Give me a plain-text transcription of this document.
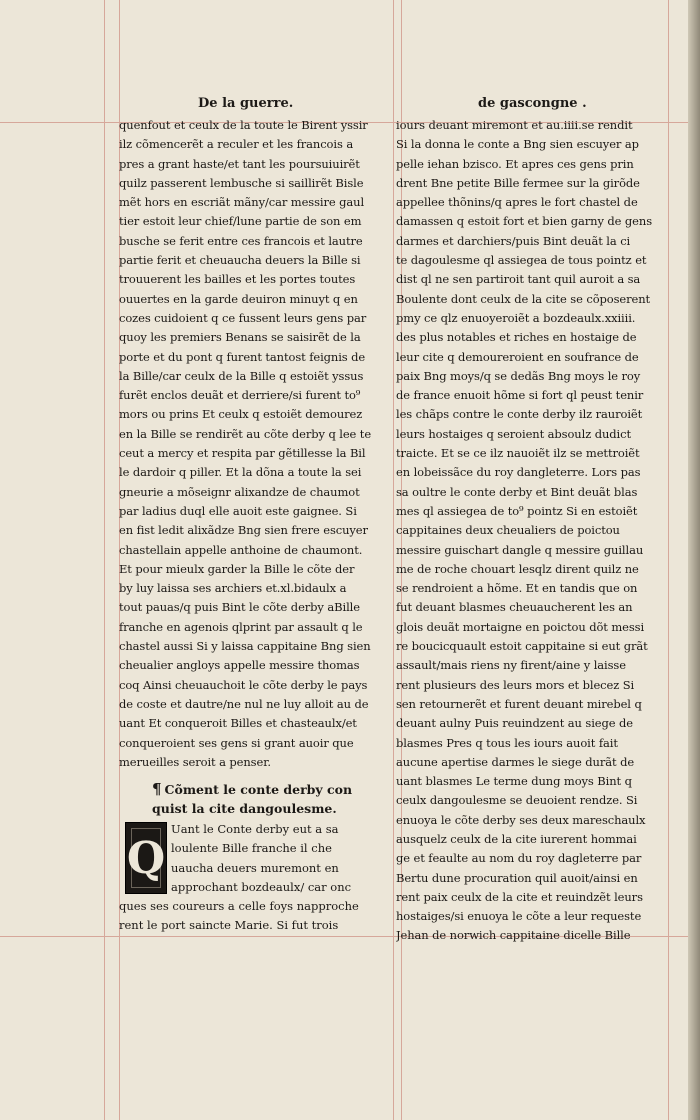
De la guerre.	de gascongne .
quenfout et ceulx de la toute le Birent yssir
ilz cõmencerẽt a reculer et les francois a
pres a grant haste/et tant les poursuiuirẽt
quilz passerent lembusche si saillirẽt Bisle
mẽt hors en escriãt mãny/car messire gaul
tier estoit leur chief/lune partie de son em
busche se ferit entre ces francois et lautre
partie ferit et cheuaucha deuers la Bille si
trouuerent les bailles et les portes toutes
ouuertes en la garde deuiron minuyt q en
cozes cuidoient q ce fussent leurs gens par
quoy les premiers Benans se saisirẽt de la
porte et du pont q furent tantost feignis de
la Bille/car ceulx de la Bille q estoiẽt yssus
furẽt enclos deuãt et derriere/si furent to⁹
mors ou prins Et ceulx q estoiẽt demourez
en la Bille se rendirẽt au cõte derby q lee te
ceut a mercy et respita par gẽtillesse la Bil
le dardoir q piller. Et la dõna a toute la sei
gneurie a mõseignr alixandze de chaumot
par ladius duql elle auoit este gaignee. Si
en fist ledit alixãdze Bng sien frere escuyer
chastellain appelle anthoine de chaumont.
Et pour mieulx garder la Bille le cõte der
by luy laissa ses archiers et.xl.bidaulx a
tout pauas/q puis Bint le cõte derby aBille
franche en agenois qlprint par assault q le
chastel aussi Si y laissa cappitaine Bng sien
cheualier angloys appelle messire thomas
coq Ainsi cheuauchoit le cõte derby le pays
de coste et dautre/ne nul ne luy alloit au de
uant Et conqueroit Billes et chasteaulx/et
conqueroient ses gens si grant auoir que
merueilles seroit a penser.
¶ Cõment le conte derby con
quist la cite dangoulesme.
Q
Uant le Conte derby eut a sa
loulente Bille franche il che
uaucha deuers muremont en
approchant bozdeaulx/ car onc
ques ses coureurs a celle foys napproche
rent le port saincte Marie. Si fut trois
iours deuant miremont et au.iiii.se rendit
Si la donna le conte a Bng sien escuyer ap
pelle iehan bzisco. Et apres ces gens prin
drent Bne petite Bille fermee sur la girõde
appellee thõnins/q apres le fort chastel de
damassen q estoit fort et bien garny de gens
darmes et darchiers/puis Bint deuãt la ci
te dagoulesme ql assiegea de tous pointz et
dist ql ne sen partiroit tant quil auroit a sa
Boulente dont ceulx de la cite se cõposerent
pmy ce qlz enuoyeroiẽt a bozdeaulx.xxiiii.
des plus notables et riches en hostaige de
leur cite q demoureroient en soufrance de
paix Bng moys/q se dedãs Bng moys le roy
de france enuoit hõme si fort ql peust tenir
les chãps contre le conte derby ilz rauroiẽt
leurs hostaiges q seroient absoulz dudict
traicte. Et se ce ilz nauoiẽt ilz se mettroiẽt
en lobeissãce du roy dangleterre. Lors pas
sa oultre le conte derby et Bint deuãt blas
mes ql assiegea de to⁹ pointz Si en estoiẽt
cappitaines deux cheualiers de poictou
messire guischart dangle q messire guillau
me de roche chouart lesqlz dirent quilz ne
se rendroient a hõme. Et en tandis que on
fut deuant blasmes cheuaucherent les an
glois deuãt mortaigne en poictou dõt messi
re boucicquault estoit cappitaine si eut grãt
assault/mais riens ny firent/aine y laisse
rent plusieurs des leurs mors et blecez Si
sen retournerẽt et furent deuant mirebel q
deuant aulny Puis reuindzent au siege de
blasmes Pres q tous les iours auoit fait
aucune apertise darmes le siege durãt de
uant blasmes Le terme dung moys Bint q
ceulx dangoulesme se deuoient rendze. Si
enuoya le cõte derby ses deux mareschaulx
ausquelz ceulx de la cite iurerent hommai
ge et feaulte au nom du roy dagleterre par
Bertu dune procuration quil auoit/ainsi en
rent paix ceulx de la cite et reuindzẽt leurs
hostaiges/si enuoya le cõte a leur requeste
Jehan de norwich cappitaine dicelle Bille
